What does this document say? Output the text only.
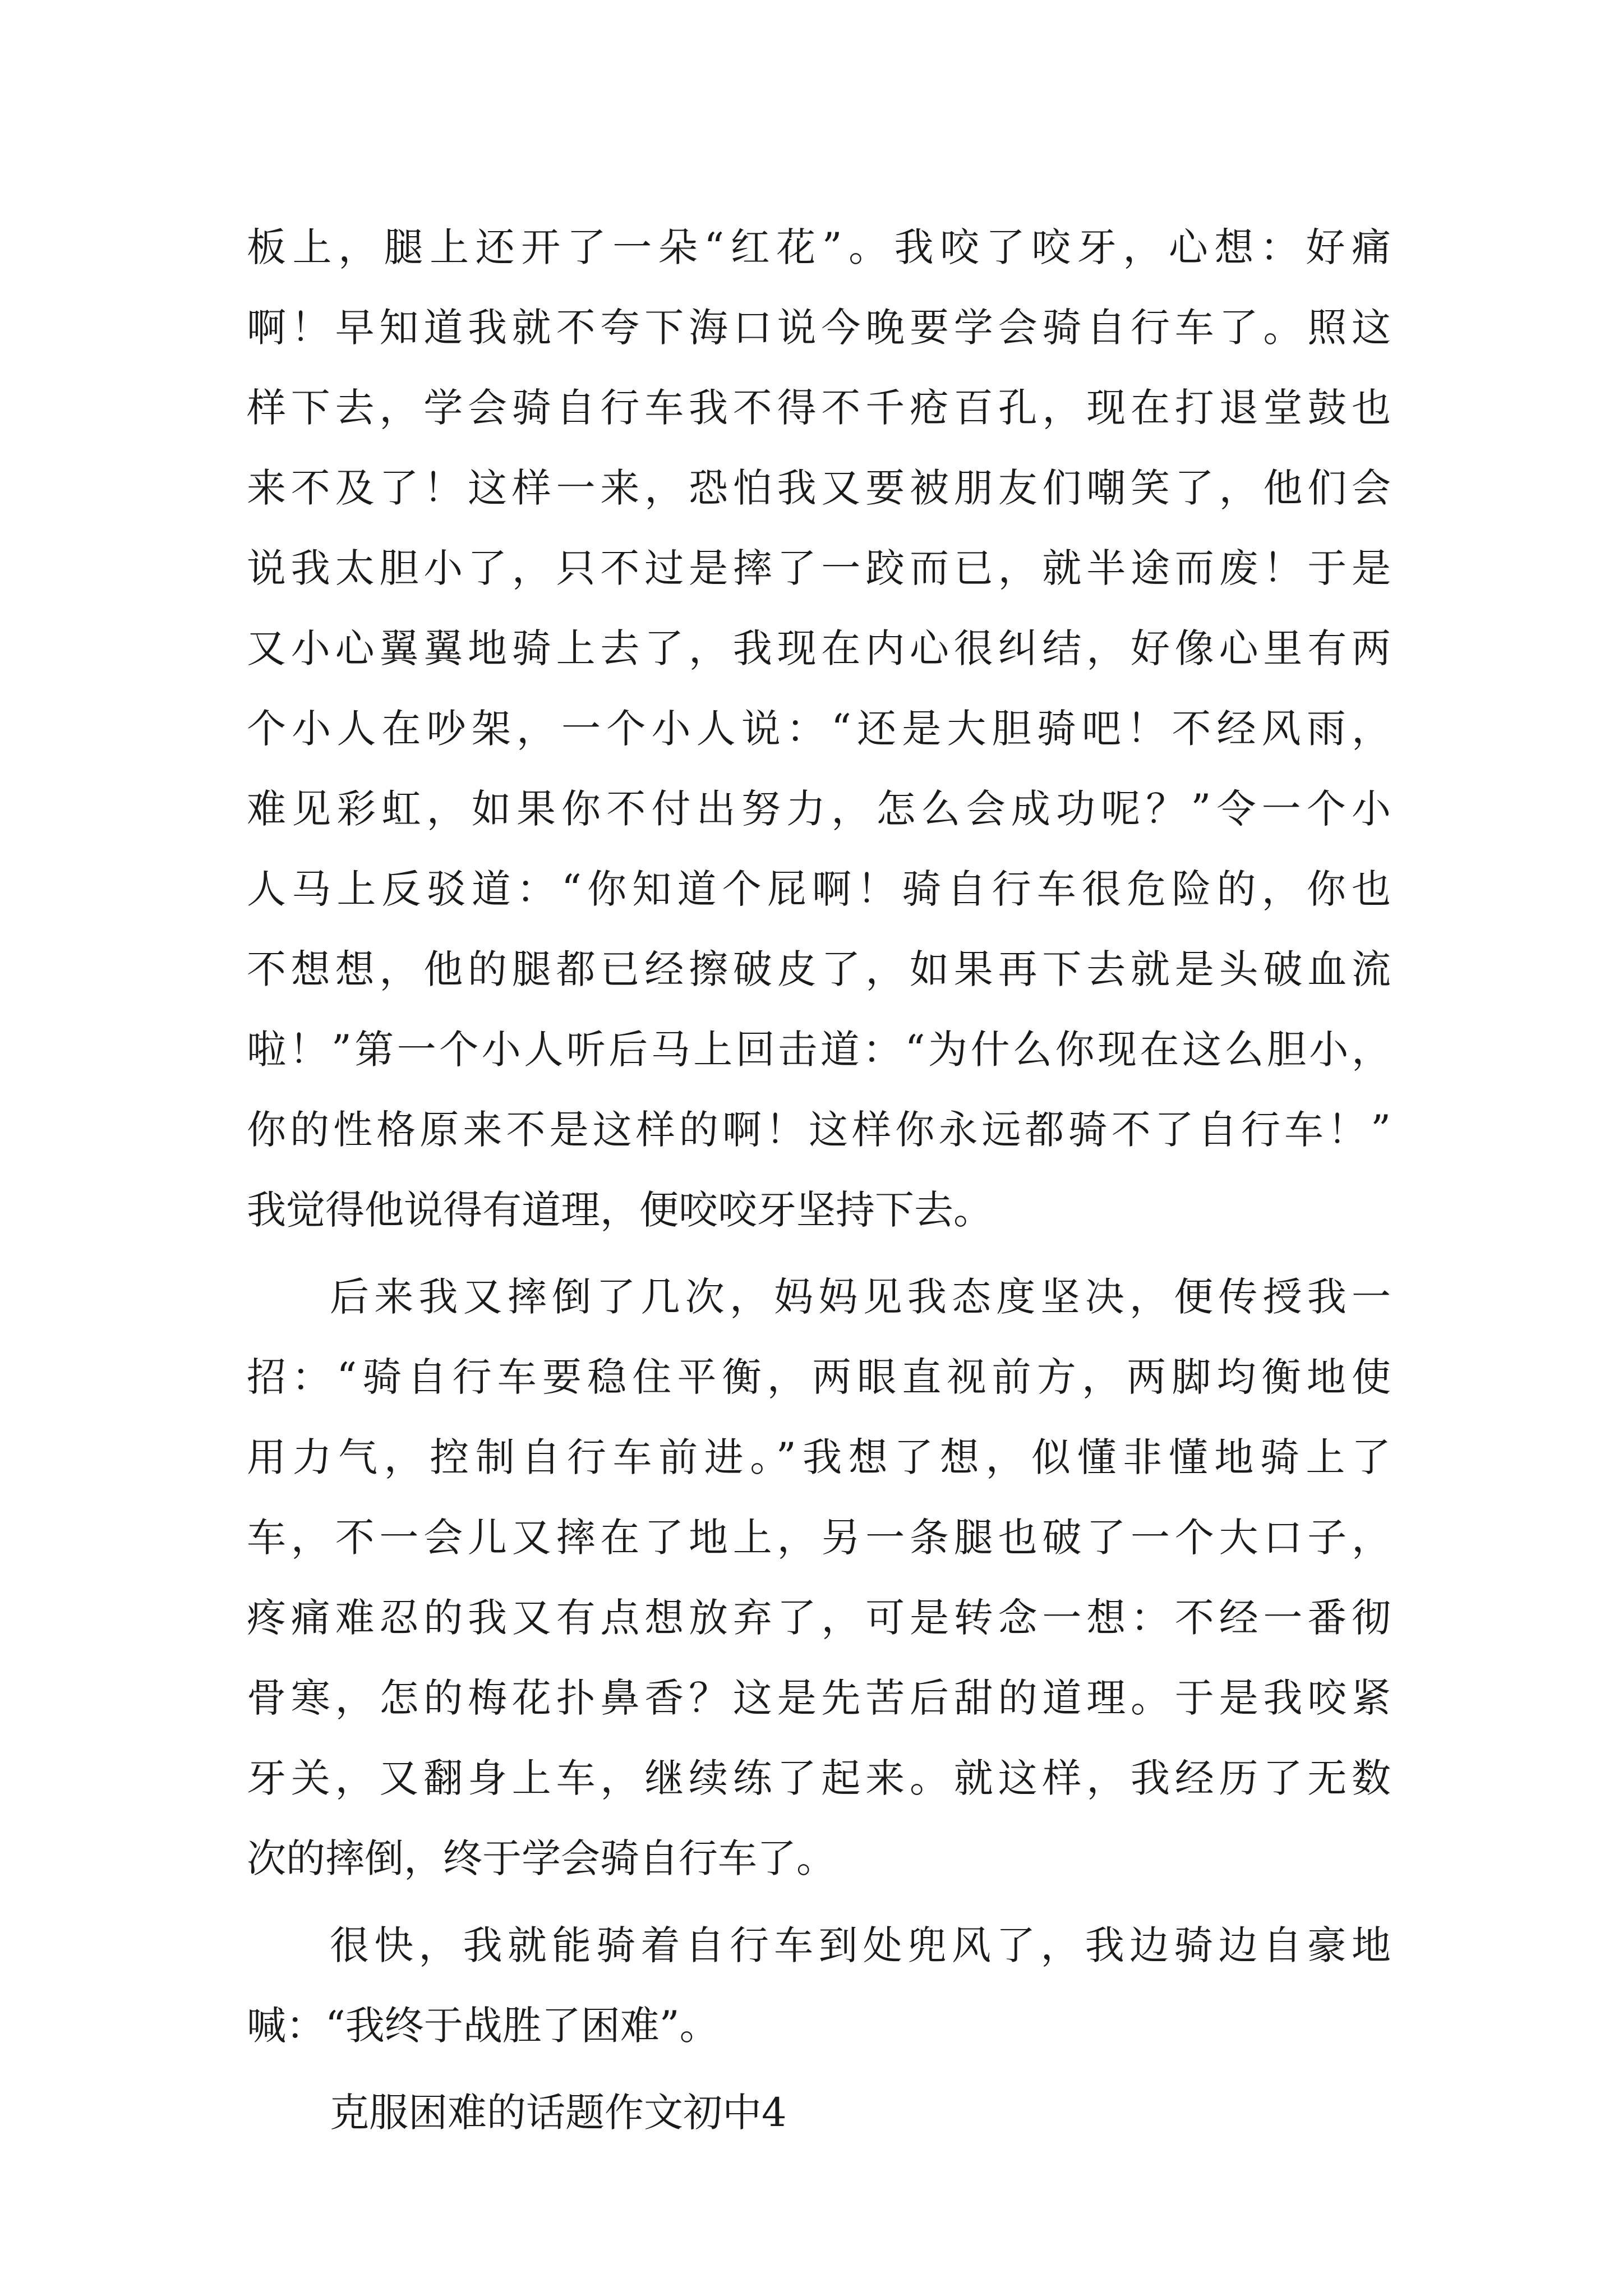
板上，腿上还开了一朵“红花”。我咬了咬牙，心想：好痛
啊！早知道我就不夸下海口说今晚要学会骑自行车了。照这
样下去，学会骑自行车我不得不千疮百孔，现在打退堂鼓也
来不及了！这样一来，恐怕我又要被朋友们嘲笑了，他们会
说我太胆小了，只不过是摔了一跤而已，就半途而废！于是
又小心翼翼地骑上去了，我现在内心很纠结，好像心里有两
个小人在吵架，一个小人说：“还是大胆骑吧！不经风雨，
难见彩虹，如果你不付出努力，怎么会成功呢？”令一个小
人马上反驳道：“你知道个屁啊！骑自行车很危险的，你也
不想想，他的腿都已经擦破皮了，如果再下去就是头破血流
啦！”第一个小人听后马上回击道：“为什么你现在这么胆小，
你的性格原来不是这样的啊！这样你永远都骑不了自行车！”
我觉得他说得有道理，便咬咬牙坚持下去。
后来我又摔倒了几次，妈妈见我态度坚决，便传授我一
招：“骑自行车要稳住平衡，两眼直视前方，两脚均衡地使
用力气，控制自行车前进。”我想了想，似懂非懂地骑上了
车，不一会儿又摔在了地上，另一条腿也破了一个大口子，
疼痛难忍的我又有点想放弃了，可是转念一想：不经一番彻
骨寒，怎的梅花扑鼻香？这是先苦后甜的道理。于是我咬紧
牙关，又翻身上车，继续练了起来。就这样，我经历了无数
次的摔倒，终于学会骑自行车了。
很快，我就能骑着自行车到处兜风了，我边骑边自豪地
喊：“我终于战胜了困难”。
克服困难的话题作文初中4
